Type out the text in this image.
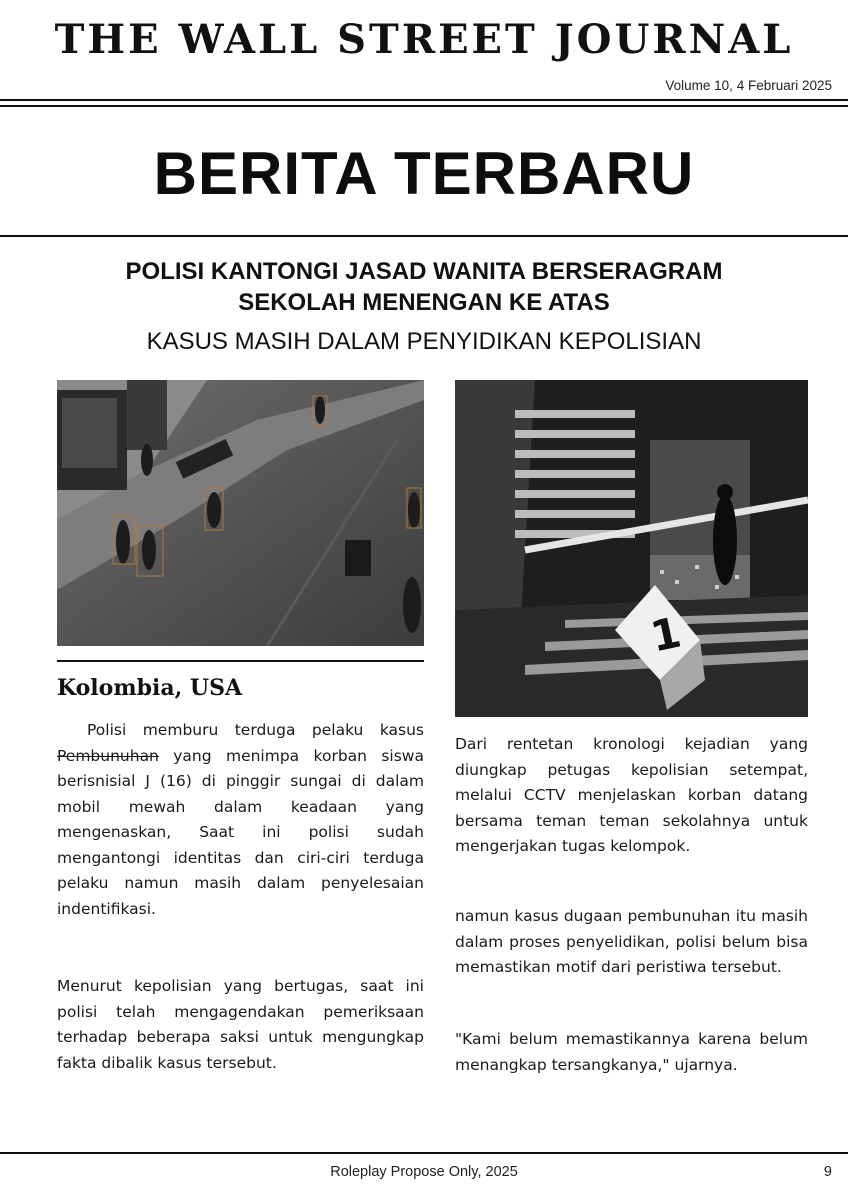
THE WALL STREET JOURNAL
Volume 10, 4 Februari 2025
BERITA TERBARU
POLISI KANTONGI JASAD WANITA BERSERAGRAM
SEKOLAH MENENGAN KE ATAS
KASUS MASIH DALAM PENYIDIKAN KEPOLISIAN
1
Kolombia, USA
Polisi memburu terduga pelaku kasus Pembunuhan yang menimpa korban siswa berisnisial J (16) di pinggir sungai di dalam mobil mewah dalam keadaan yang mengenaskan, Saat ini polisi sudah mengantongi identitas dan ciri-ciri terduga pelaku namun masih dalam penyelesaian indentifikasi.
Menurut kepolisian yang bertugas, saat ini polisi telah mengagendakan pemeriksaan terhadap beberapa saksi untuk mengungkap fakta dibalik kasus tersebut.
Dari rentetan kronologi kejadian yang diungkap petugas kepolisian setempat, melalui CCTV menjelaskan korban datang bersama teman teman sekolahnya untuk mengerjakan tugas kelompok.
namun kasus dugaan pembunuhan itu masih dalam proses penyelidikan, polisi belum bisa memastikan motif dari peristiwa tersebut.
"Kami belum memastikannya karena belum menangkap tersangkanya," ujarnya.
Roleplay Propose Only, 2025	9
